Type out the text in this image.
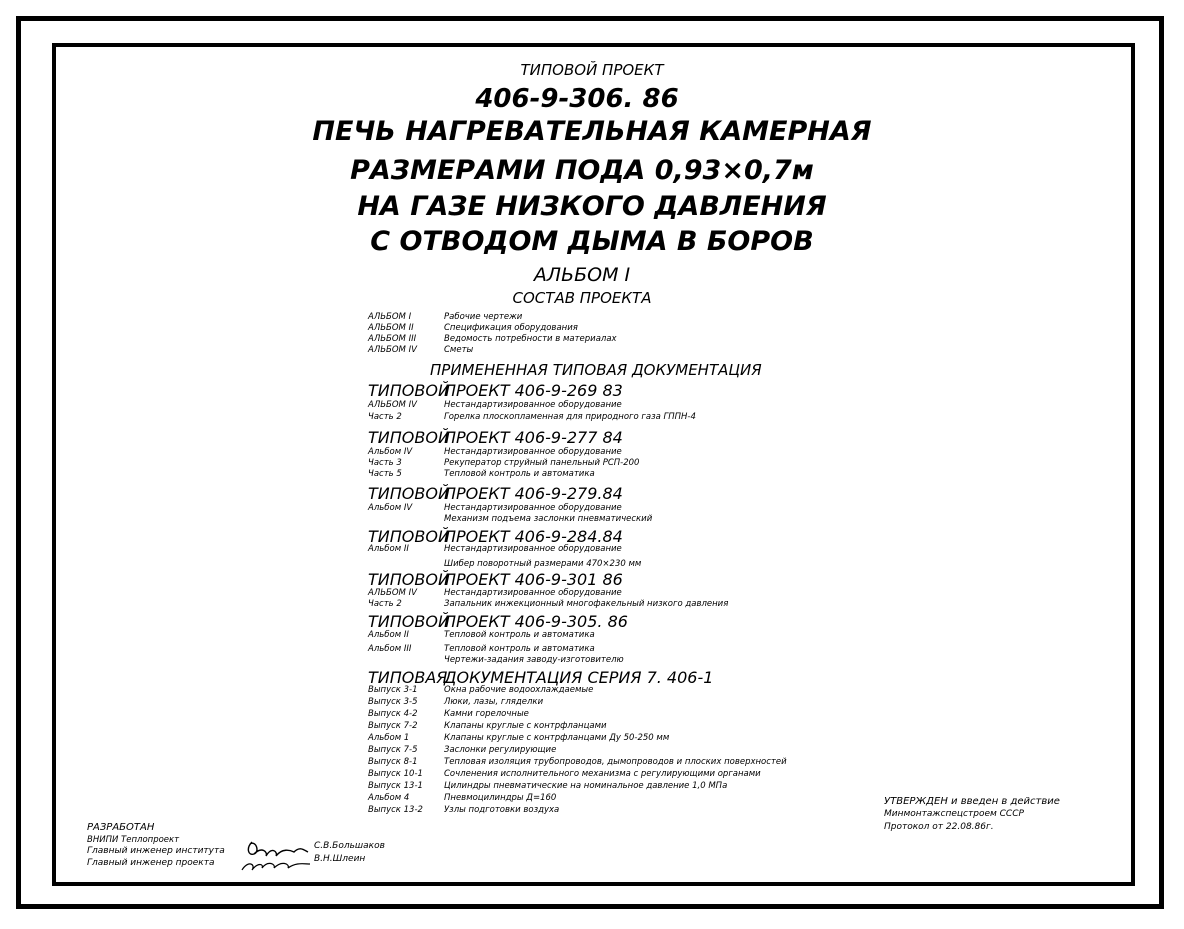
ТИПОВОЙ ПРОЕКТ
406-9-306. 86
ПЕЧЬ НАГРЕВАТЕЛЬНАЯ КАМЕРНАЯ
РАЗМЕРАМИ ПОДА 0,93×0,7м
НА ГАЗЕ НИЗКОГО ДАВЛЕНИЯ
С ОТВОДОМ ДЫМА В БОРОВ
АЛЬБОМ I
СОСТАВ ПРОЕКТА
АЛЬБОМ I	Рабочие чертежи
АЛЬБОМ II	Спецификация оборудования
АЛЬБОМ III	Ведомость потребности в материалах
АЛЬБОМ IV	Сметы
ПРИМЕНЕННАЯ ТИПОВАЯ ДОКУМЕНТАЦИЯ
ТИПОВОЙПРОЕКТ 406-9-269 83
АЛЬБОМ IV	Нестандартизированное оборудование
Часть 2	Горелка плоскопламенная для природного газа ГППН-4
ТИПОВОЙПРОЕКТ 406-9-277 84
Альбом IV	Нестандартизированное оборудование
Часть 3	Рекуператор струйный панельный РСП-200
Часть 5	Тепловой контроль и автоматика
ТИПОВОЙПРОЕКТ 406-9-279.84
Альбом IV	Нестандартизированное оборудование
Механизм подъема заслонки пневматический
ТИПОВОЙПРОЕКТ 406-9-284.84
Альбом II	Нестандартизированное оборудование
Шибер поворотный размерами 470×230 мм
ТИПОВОЙПРОЕКТ 406-9-301 86
АЛЬБОМ IV	Нестандартизированное оборудование
Часть 2	Запальник инжекционный многофакельный низкого давления
ТИПОВОЙПРОЕКТ 406-9-305. 86
Альбом II	Тепловой контроль и автоматика
Альбом III	Тепловой контроль и автоматика
Чертежи-задания заводу-изготовителю
ТИПОВАЯДОКУМЕНТАЦИЯ СЕРИЯ 7. 406-1
Выпуск 3-1	Окна рабочие водоохлаждаемые
Выпуск 3-5	Люки, лазы, гляделки
Выпуск 4-2	Камни горелочные
Выпуск 7-2	Клапаны круглые с контрфланцами
Альбом 1	Клапаны круглые с контрфланцами Ду 50-250 мм
Выпуск 7-5	Заслонки регулирующие
Выпуск 8-1	Тепловая изоляция трубопроводов, дымопроводов и плоских поверхностей
Выпуск 10-1 Сочленения исполнительного механизма с регулирующими органами
Выпуск 13-1 Цилиндры пневматические на номинальное давление 1,0 МПа
Альбом 4	Пневмоцилиндры Д=160
Выпуск 13-2 Узлы подготовки воздуха
УТВЕРЖДЕН и введен в действие
Минмонтажспецстроем СССР
Протокол от 22.08.86г.
РАЗРАБОТАН
ВНИПИ Теплопроект
Главный инженер института
Главный инженер проекта
С.В.Большаков
В.Н.Шлеин
